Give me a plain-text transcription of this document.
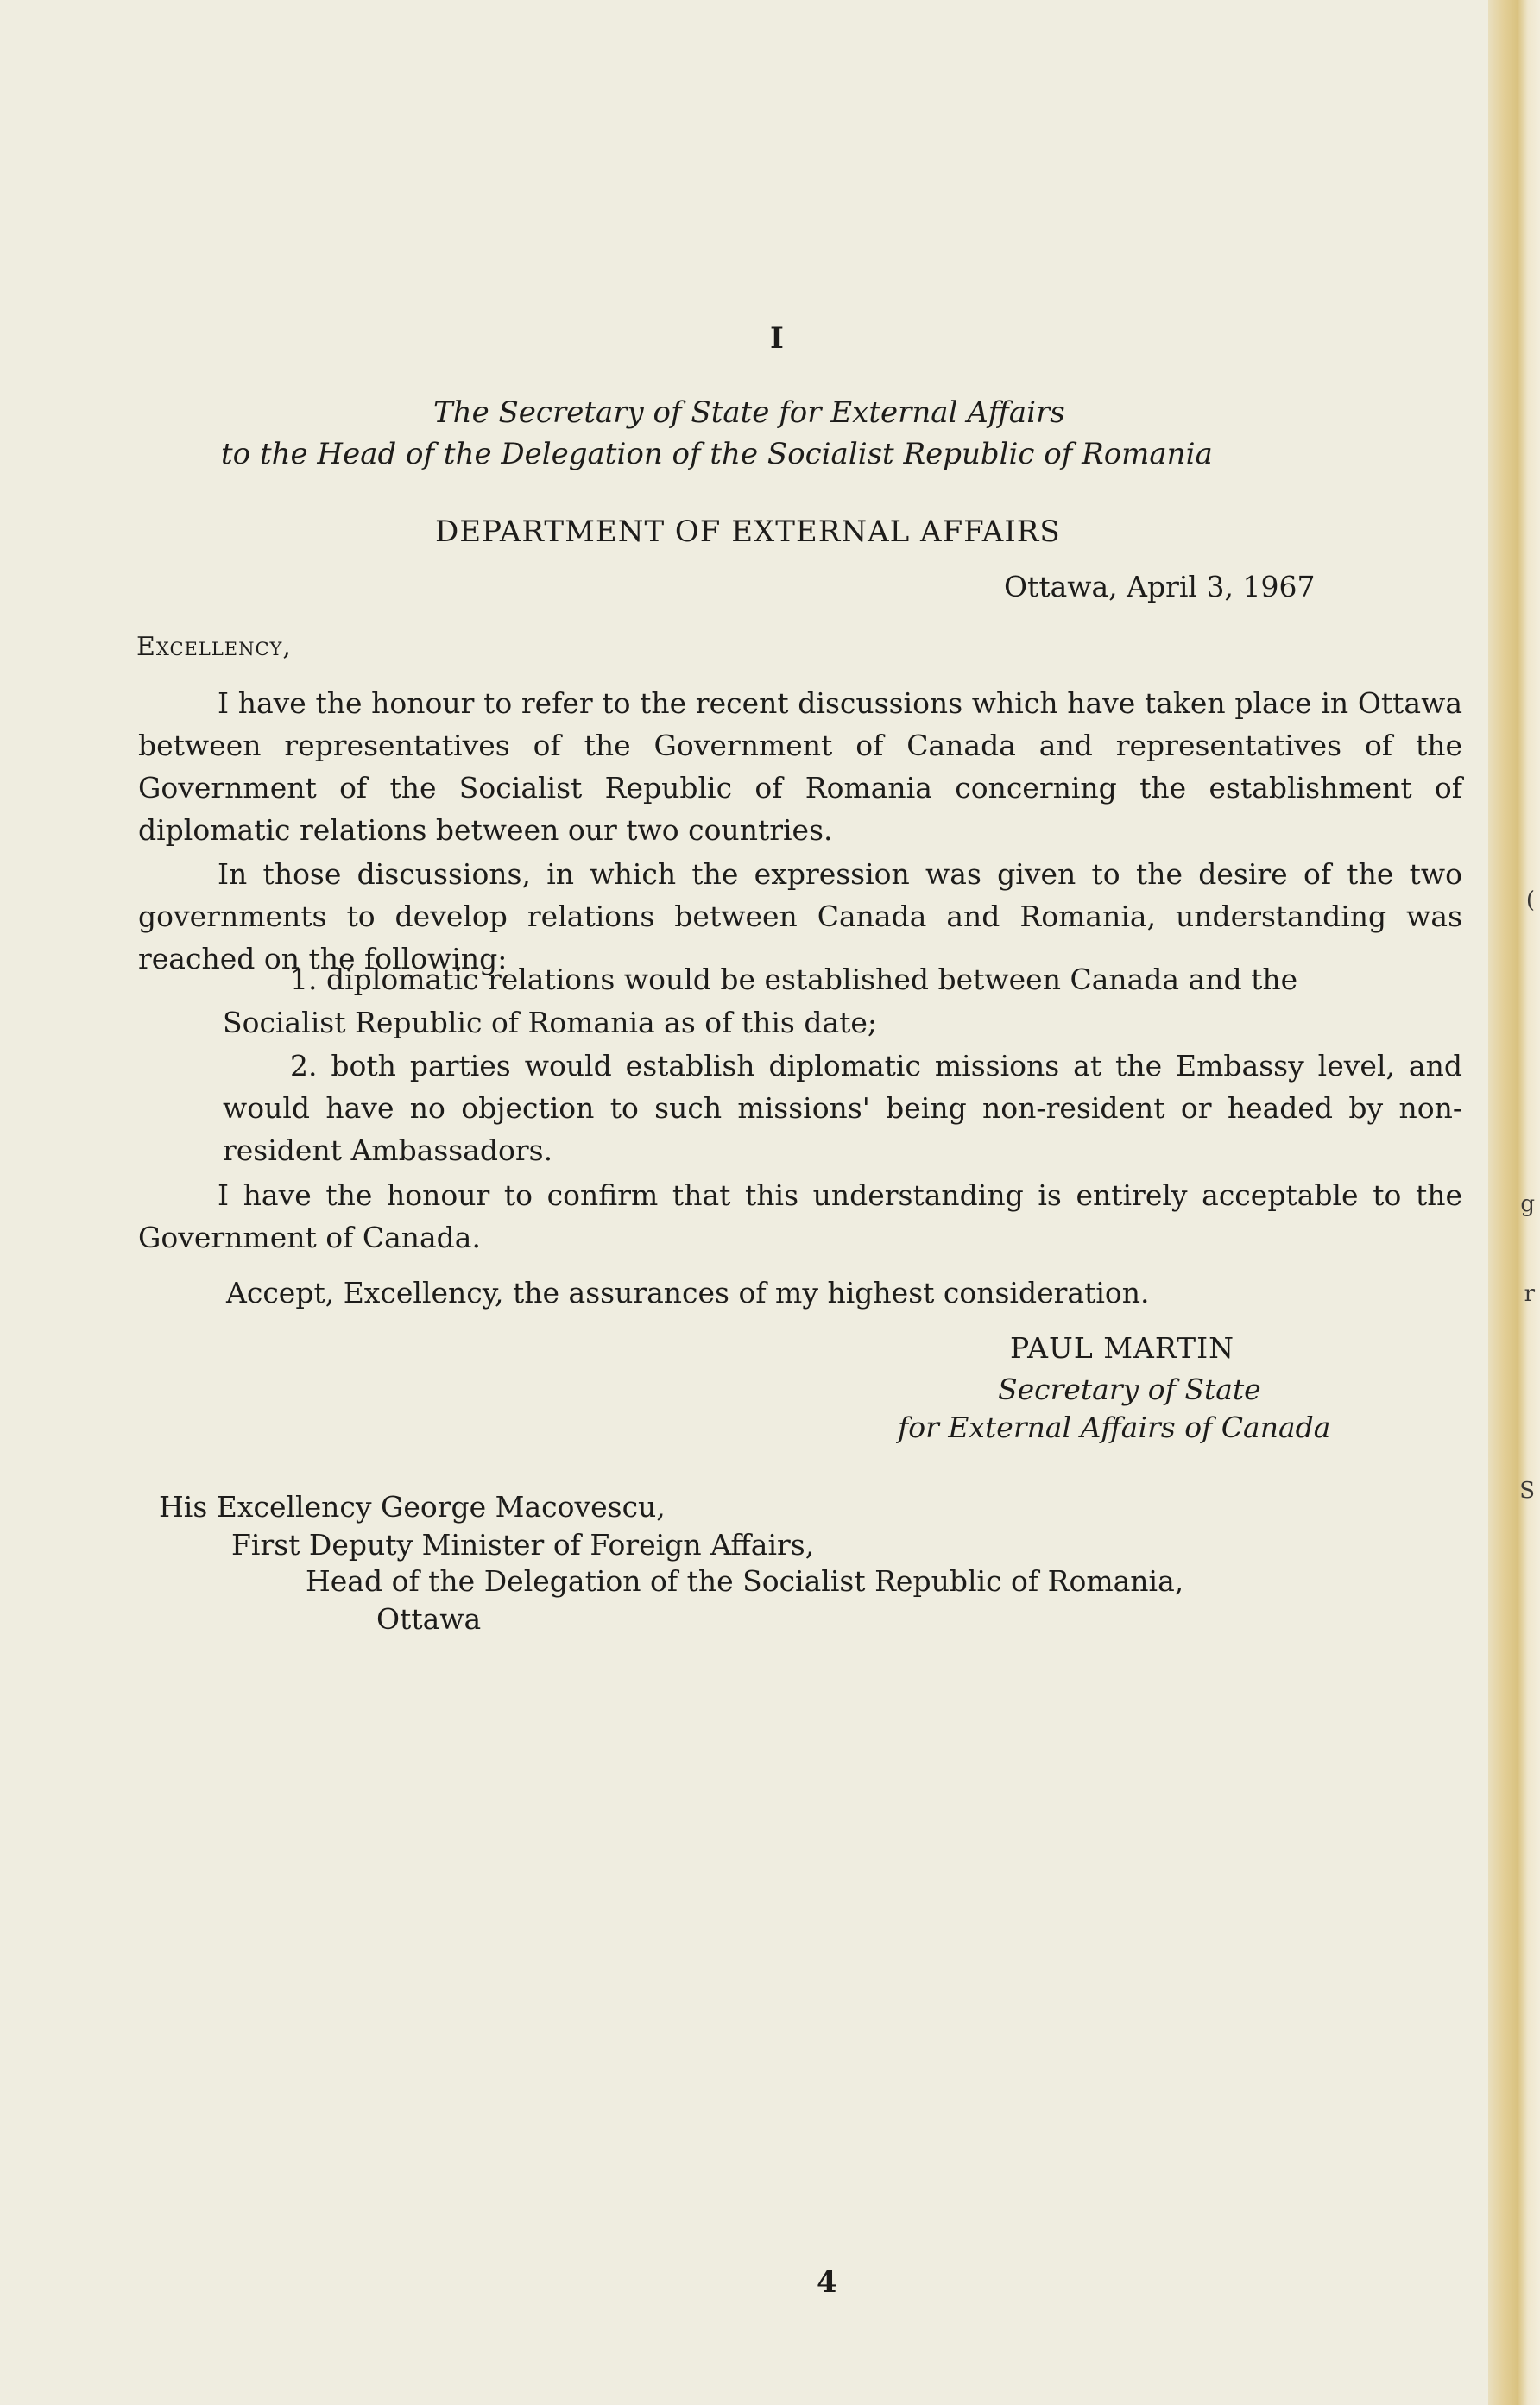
(
g
r
S
I
The Secretary of State for External Affairs
to the Head of the Delegation of the Socialist Republic of Romania
DEPARTMENT OF EXTERNAL AFFAIRS
Ottawa, April 3, 1967
Excellency,
I have the honour to refer to the recent discussions which have taken place in Ottawa between representatives of the Government of Canada and representatives of the Government of the Socialist Republic of Romania concerning the establishment of diplomatic relations between our two countries.
In those discussions, in which the expression was given to the desire of the two governments to develop relations between Canada and Romania, understanding was reached on the following:
1. diplomatic relations would be established between Canada and the
Socialist Republic of Romania as of this date;
2. both parties would establish diplomatic missions at the Embassy level, and would have no objection to such missions' being non-resident or headed by non-resident Ambassadors.
I have the honour to confirm that this understanding is entirely acceptable to the Government of Canada.
Accept, Excellency, the assurances of my highest consideration.
PAUL MARTIN
Secretary of State
for External Affairs of Canada
His Excellency George Macovescu,
First Deputy Minister of Foreign Affairs,
Head of the Delegation of the Socialist Republic of Romania,
Ottawa
4
